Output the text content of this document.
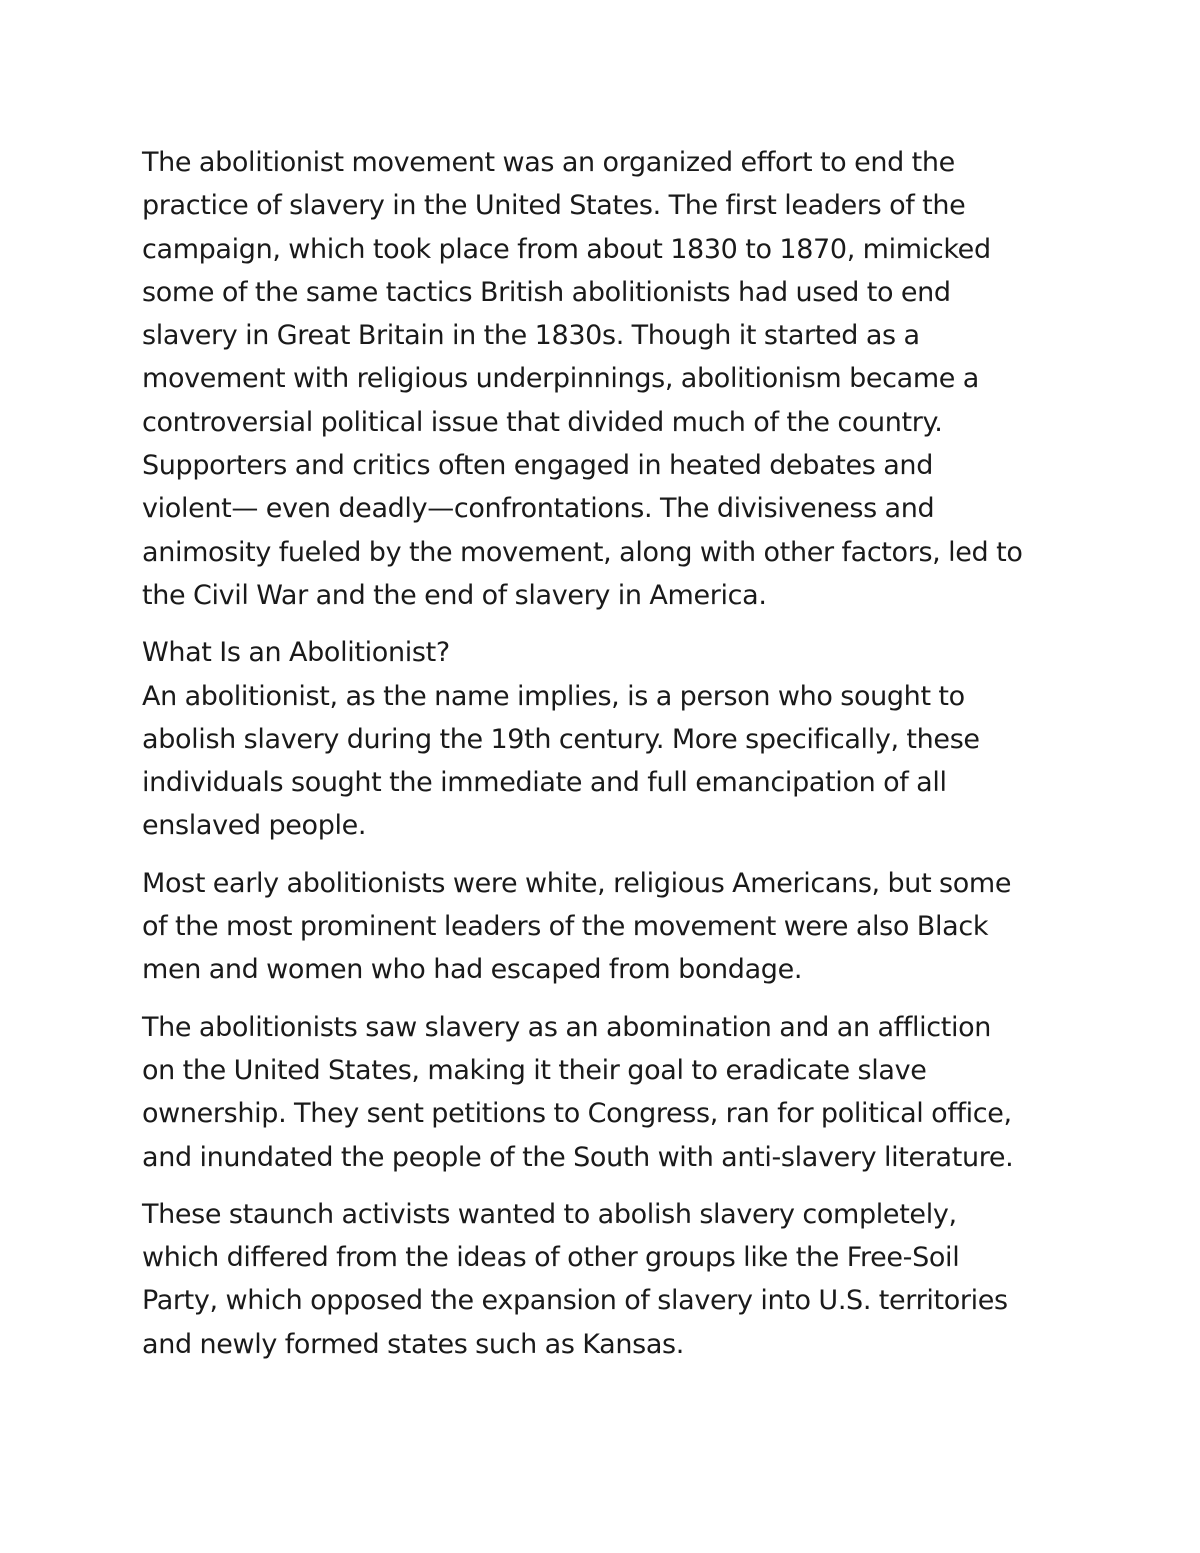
The abolitionist movement was an organized effort to end the
practice of slavery in the United States. The first leaders of the
campaign, which took place from about 1830 to 1870, mimicked
some of the same tactics British abolitionists had used to end
slavery in Great Britain in the 1830s. Though it started as a
movement with religious underpinnings, abolitionism became a
controversial political issue that divided much of the country.
Supporters and critics often engaged in heated debates and
violent— even deadly—confrontations. The divisiveness and
animosity fueled by the movement, along with other factors, led to
the Civil War and the end of slavery in America.

What Is an Abolitionist?

An abolitionist, as the name implies, is a person who sought to
abolish slavery during the 19th century. More specifically, these
individuals sought the immediate and full emancipation of all
enslaved people.

Most early abolitionists were white, religious Americans, but some
of the most prominent leaders of the movement were also Black
men and women who had escaped from bondage.

The abolitionists saw slavery as an abomination and an affliction
on the United States, making it their goal to eradicate slave
ownership. They sent petitions to Congress, ran for political office,
and inundated the people of the South with anti-slavery literature.

These staunch activists wanted to abolish slavery completely,
which differed from the ideas of other groups like the Free-Soil
Party, which opposed the expansion of slavery into U.S. territories
and newly formed states such as Kansas.
